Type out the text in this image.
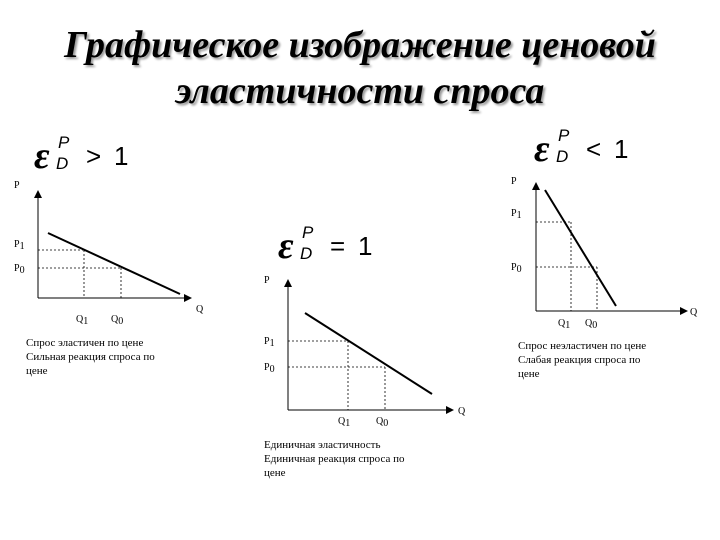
Графическое изображение ценовой
эластичности спроса
ε P
D > 1
ε P
D = 1
ε P
D < 1
P
Q
P1
P0
Q1 Q0
P
Q
P1
P0
Q1	Q0
P
Q
P1
P0
Q1 Q0
Спрос эластичен по цене
Сильная реакция спроса по
цене
Единичная эластичность
Единичная реакция спроса по
цене
Спрос неэластичен по цене
Слабая реакция спроса по
цене
